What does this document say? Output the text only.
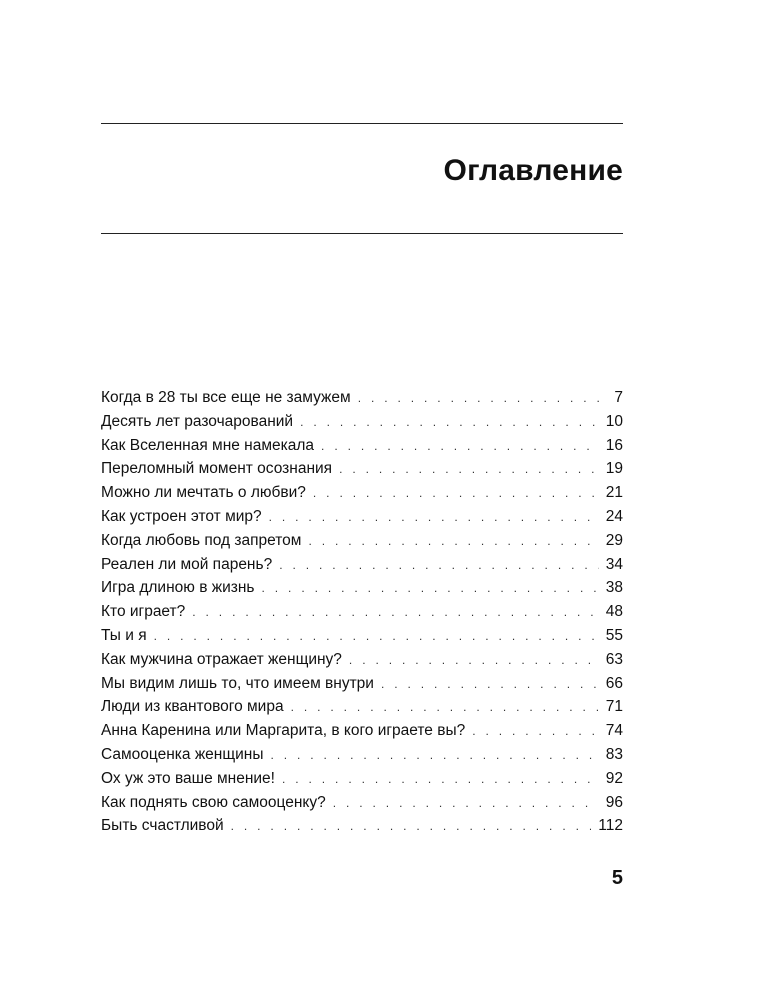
Оглавление
Когда в 28 ты все еще не замужем . . .	7
Десять лет разочарований . . .	10
Как Вселенная мне намекала . . .	16
Переломный момент осознания . . .	19
Можно ли мечтать о любви? . . .	21
Как устроен этот мир? . . .	24
Когда любовь под запретом . . .	29
Реален ли мой парень? . . .	34
Игра длиною в жизнь . . .	38
Кто играет? . . .	48
Ты и я . . .	55
Как мужчина отражает женщину? . . .	63
Мы видим лишь то, что имеем внутри . . .	66
Люди из квантового мира . . .	71
Анна Каренина или Маргарита, в кого играете вы? . . .	74
Самооценка женщины . . .	83
Ох уж это ваше мнение! . . .	92
Как поднять свою самооценку? . . .	96
Быть счастливой . . .	112
5
